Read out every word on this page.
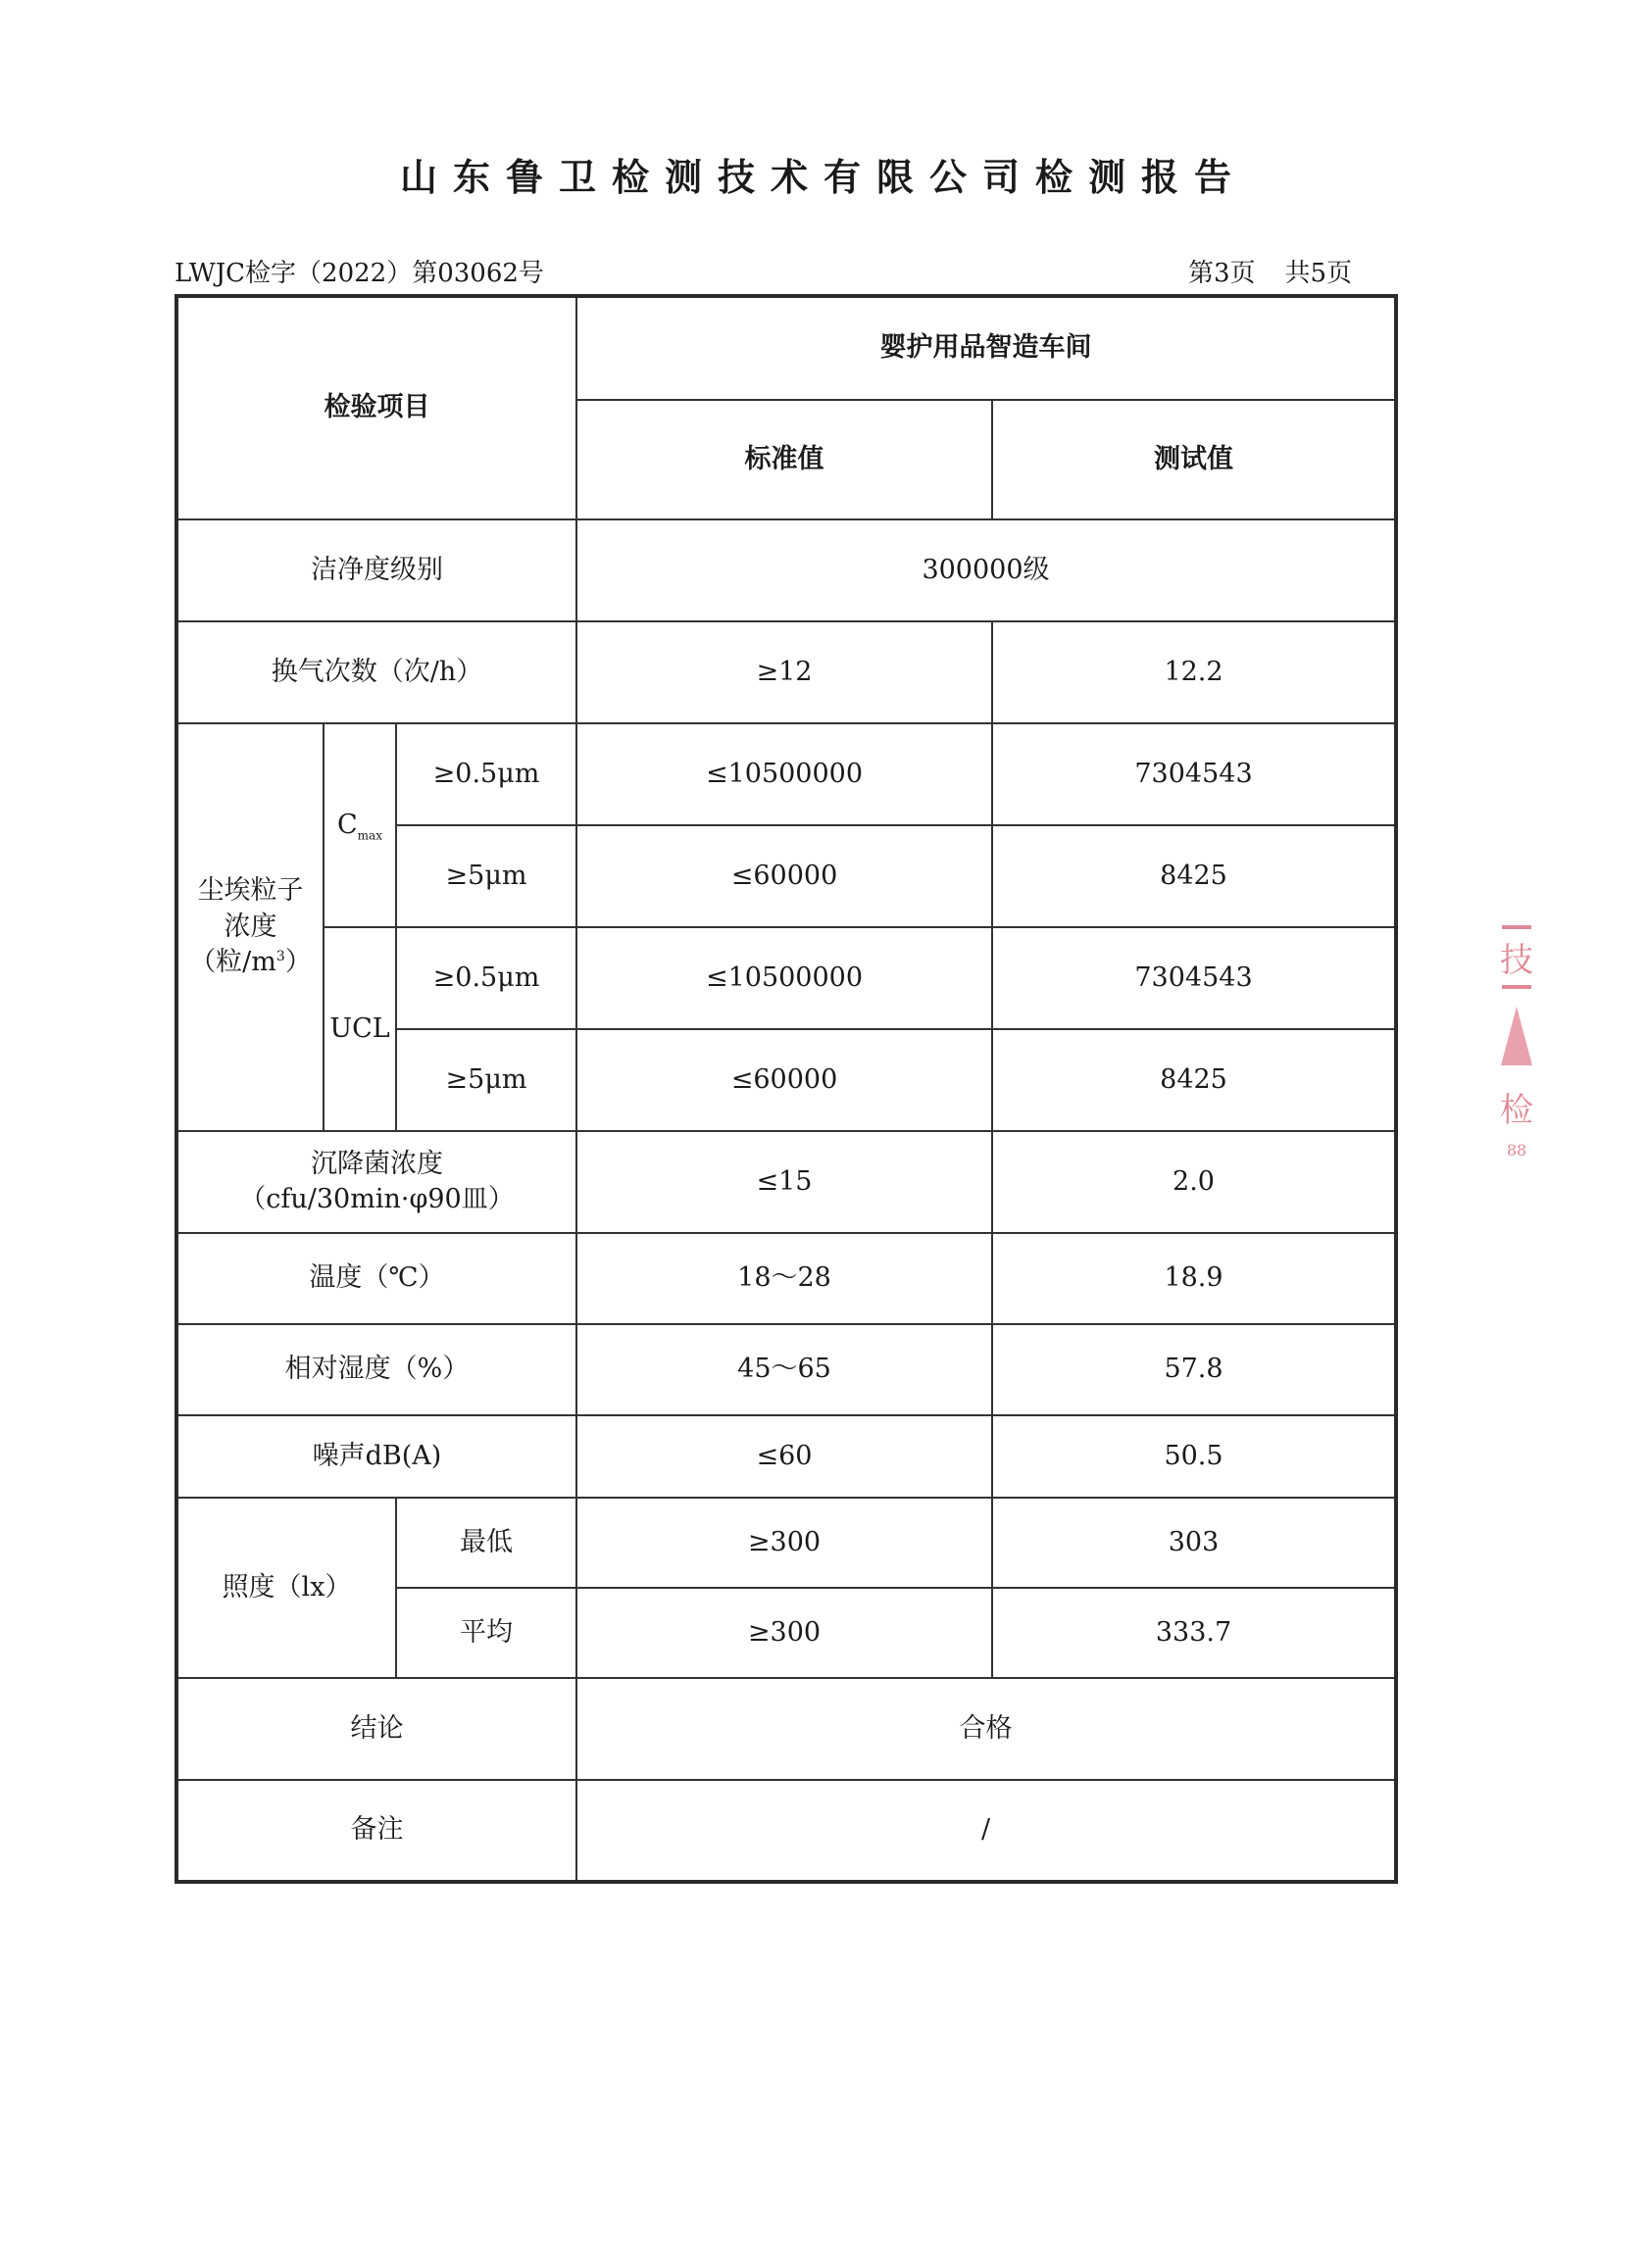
山东鲁卫检测技术有限公司检测报告
LWJC检字（2022）第03062号	第3页 共5页
检验项目			婴护用品智造车间	
			标准值	测试值
洁净度级别			300000级	
换气次数（次/h）			≥12	12.2

尘埃粒子
浓度
（粒$/m^3$）	$C_{max}$	≥0.5μm	≤10500000	7304543
		≥5μm	≤60000	8425
	UCL	≥0.5μm	≤10500000	7304543
		≥5μm	≤60000	8425

沉降菌浓度
（cfu/30min·φ90皿）			≤15	2.0
温度（℃）			18～28	18.9
相对湿度（%）			45～65	57.8
噪声dB(A)			≤60	50.5
照度（lx）		最低	≥300	303
		平均	≥300	333.7
结论			合格	
备注			/	
技
检
88
